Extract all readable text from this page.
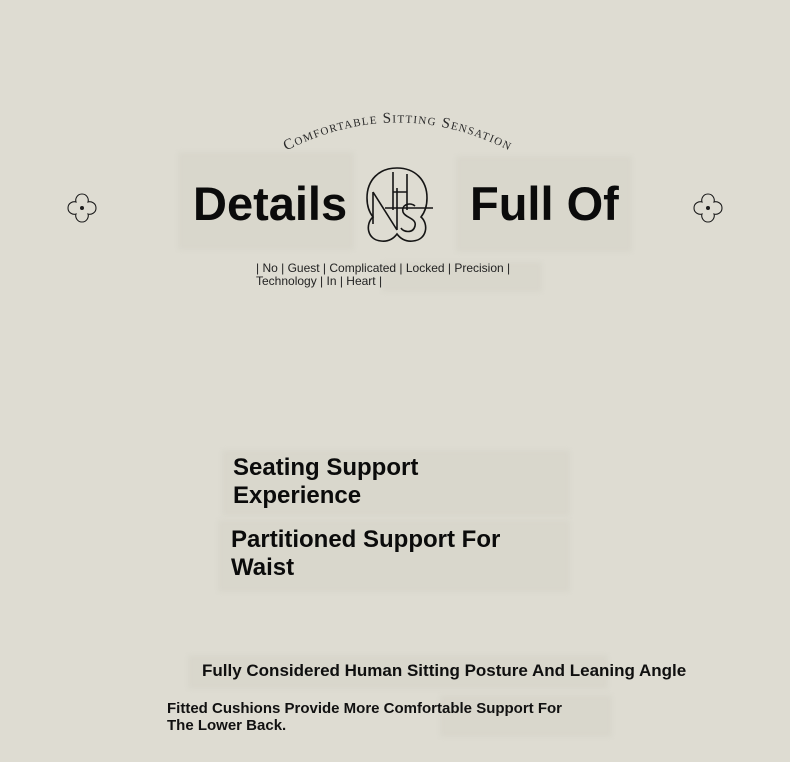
Comfortable Sitting Sensation
Details	Full Of

| No | Guest | Complicated | Locked | Precision | Technology | In | Heart |

Seating Support Experience
Partitioned Support For Waist
Fully Considered Human Sitting Posture And Leaning Angle

Fitted Cushions Provide More Comfortable Support For The Lower Back.
